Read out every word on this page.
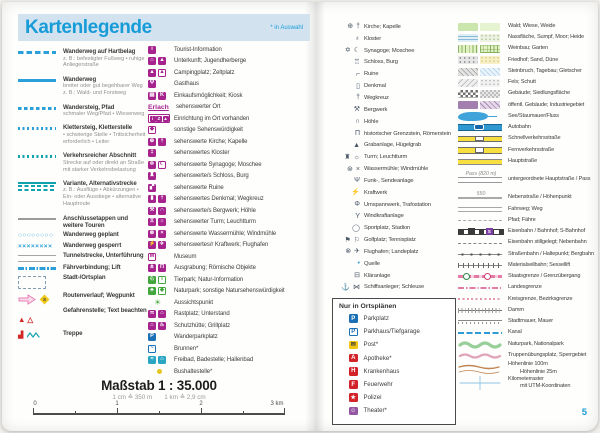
Kartenlegende	* in Auswahl
Wanderweg auf Hartbelag
z. B.: befestigter Fußweg • ruhige Anliegerstraße
Wanderweg
breiter oder gut begehbarer Weg z. B.: Wald- und Forstweg
Wandersteig, Pfad
schmaler Weg/Pfad • Wiesenweg
Klettersteig, Kletterstelle
• schwierige Stelle • Trittsicherheit erforderlich • Leiter
Verkehrsreicher Abschnitt
Strecke auf oder direkt an Straße mit starker Verkehrsbelastung
Variante, Alternativstrecke
z. B.: Ausflüge • Abkürzungen • Ein- oder Ausstiege • alternative Hauptroute
Anschlussetappen und weitere Touren
○○○○○○○○	Wanderweg geplant
××××××××	Wanderweg gesperrt
Tunnelstrecke, Unterführung
Fährverbindung; Lift
Stadt-/Ortsplan
S
Routenverlauf; Wegpunkt
▲△
Gefahrenstelle; Text beachten
▟	Treppe
Maßstab 1 : 35.000
1 cm ≙ 350 m 1 km ≙ 2,9 cm
0	1	2	3 km
i	Tourist-Information
⌂ ▲ Unterkunft; Jugendherberge
▲ ▲ Campingplatz; Zeltplatz
Ψ	Gasthaus
▤ K	Einkaufsmöglichkeit; Kiosk
Erlach sehenswerter Ort
i	Z ▲ Einrichtung im Ort vorhanden
◆	sonstige Sehenswürdigkeit
⊕	†	sehenswerte Kirche; Kapelle
‡	sehenswertes Kloster
✡ ☾ sehenswerte Synagoge; Moschee
♜	sehenswerte/s Schloss, Burg
▞	sehenswerte Ruine
▮	†	sehenswertes Denkmal; Wegkreuz
⚒ ∩	sehenswerte/s Bergwerk; Höhle
♖ ☼ sehenswerter Turm; Leuchtturm
⊛	×	sehenswerte Wassermühle; Windmühle
⚡ ✈ sehenswertes/r Kraftwerk; Flughafen
M	Museum
⋔	Π	Ausgrabung; Römische Objekte
♘	i	Tierpark; Natur-Information
♣	◆	Naturpark; sonstige Natursehenswürdigkeit
☀ Aussichtspunkt
π	⌂	Rastplatz; Unterstand
⌂	♨ Schutzhütte; Grillplatz
P	Wanderparkplatz
~	Brunnen*
≈	⌂	Freibad, Badestelle; Hallenbad
Bushaltestelle*
⊕ † Kirche; Kapelle
♁ Kloster
✡ ☾ Synagoge; Moschee
♖ Schloss, Burg
⌐ Ruine
▯ Denkmal
† Wegkreuz
⚒ Bergwerk
∩ Höhle
Π historischer Grenzstein, Römerstein
▲ Grabanlage, Hügelgrab
♜ ☼ Turm; Leuchtturm
⊛ × Wassermühle; Windmühle
Ψ Funk-, Sendeanlage
⚡ Kraftwerk
Φ Umspannwerk, Trafostation
Y Windkraftanlage
◯ Sportplatz, Stadion
⚑ ⚐ Golfplatz; Tennisplatz
⊗ ✈ Flughafen; Landeplatz
• Quelle
⊟ Kläranlage
⚓ ⋈ Schiffsanleger; Schleuse
Nur in Ortsplänen
P	Parkplatz
P	Parkhaus/Tiefgarage
✉ Post*
A	Apotheke*
H	Krankenhaus
F	Feuerwehr
★ Polizei
☺ Theater*
Wald; Wiese, Weide
Nassfläche, Sumpf, Moor; Heide
Weinbau; Garten
Friedhof; Sand, Düne
Steinbruch, Tagebau; Gletscher
Fels; Schutt
Gebäude; Siedlungsfläche
öffentl. Gebäude; Industriegebiet
See/Staumauer/Fluss
Autobahn
Schnellverkehrsstraße
Fernverkehrsstraße
Hauptstraße
Pass (820 m)
untergeordnete Hauptstraße / Pass
550
Nebenstraße / Höhenpunkt
Fahrweg; Weg
Pfad; Fähre
S	Eisenbahn / Bahnhof; S-Bahnhof
Eisenbahn stillgelegt; Nebenbahn
Straßenbahn / Haltepunkt; Bergbahn
Materialseilbahn; Sessellift
Staatsgrenze / Grenzübergang
Landesgrenze
Kreisgrenze, Bezirksgrenze
Damm
Stadtmauer, Mauer
Kanal
Naturpark, Nationalpark
Truppenübungsplatz, Sperrgebiet
Höhenlinie 100m
Höhenlinie 25m
Kilometerraster
mit UTM-Koordinaten
5
